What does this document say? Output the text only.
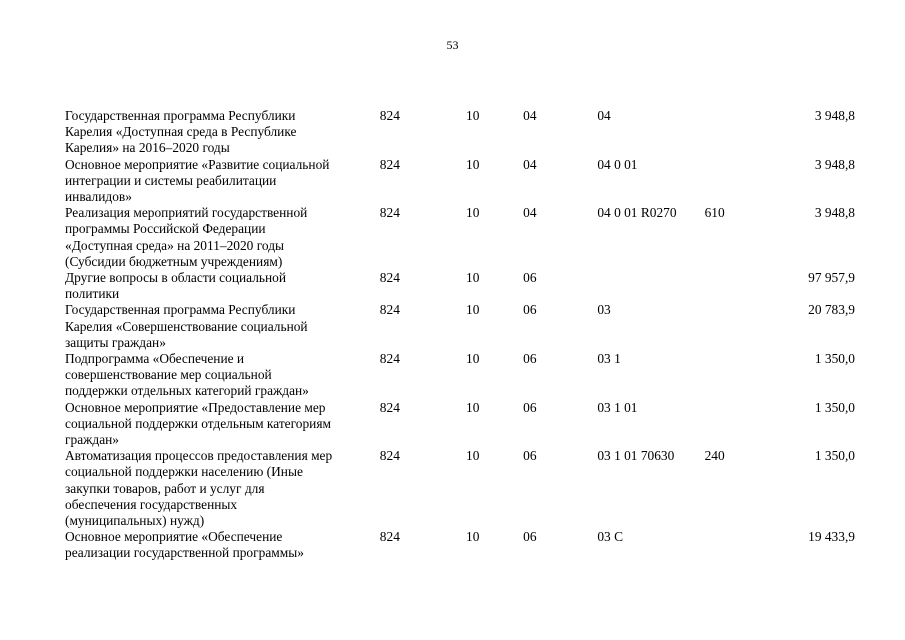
53
Государственная программа Республики
Карелия «Доступная среда в Республике
Карелия» на 2016–2020 годы	824	10	04	04		3 948,8

Основное мероприятие «Развитие социальной
интеграции и системы реабилитации
инвалидов»	824	10	04	04 0 01		3 948,8

Реализация мероприятий государственной
программы Российской Федерации
«Доступная среда» на 2011–2020 годы
(Субсидии бюджетным учреждениям)	824	10	04	04 0 01 R0270	610	3 948,8

Другие вопросы в области социальной
политики	824	10	06			97 957,9

Государственная программа Республики
Карелия «Совершенствование социальной
защиты граждан»	824	10	06	03		20 783,9

Подпрограмма «Обеспечение и
совершенствование мер социальной
поддержки отдельных категорий граждан»	824	10	06	03 1		1 350,0

Основное мероприятие «Предоставление мер
социальной поддержки отдельным категориям
граждан»	824	10	06	03 1 01		1 350,0

Автоматизация процессов предоставления мер
социальной поддержки населению (Иные
закупки товаров, работ и услуг для
обеспечения государственных
(муниципальных) нужд)	824	10	06	03 1 01 70630	240	1 350,0

Основное мероприятие «Обеспечение
реализации государственной программы»	824	10	06	03 С		19 433,9
